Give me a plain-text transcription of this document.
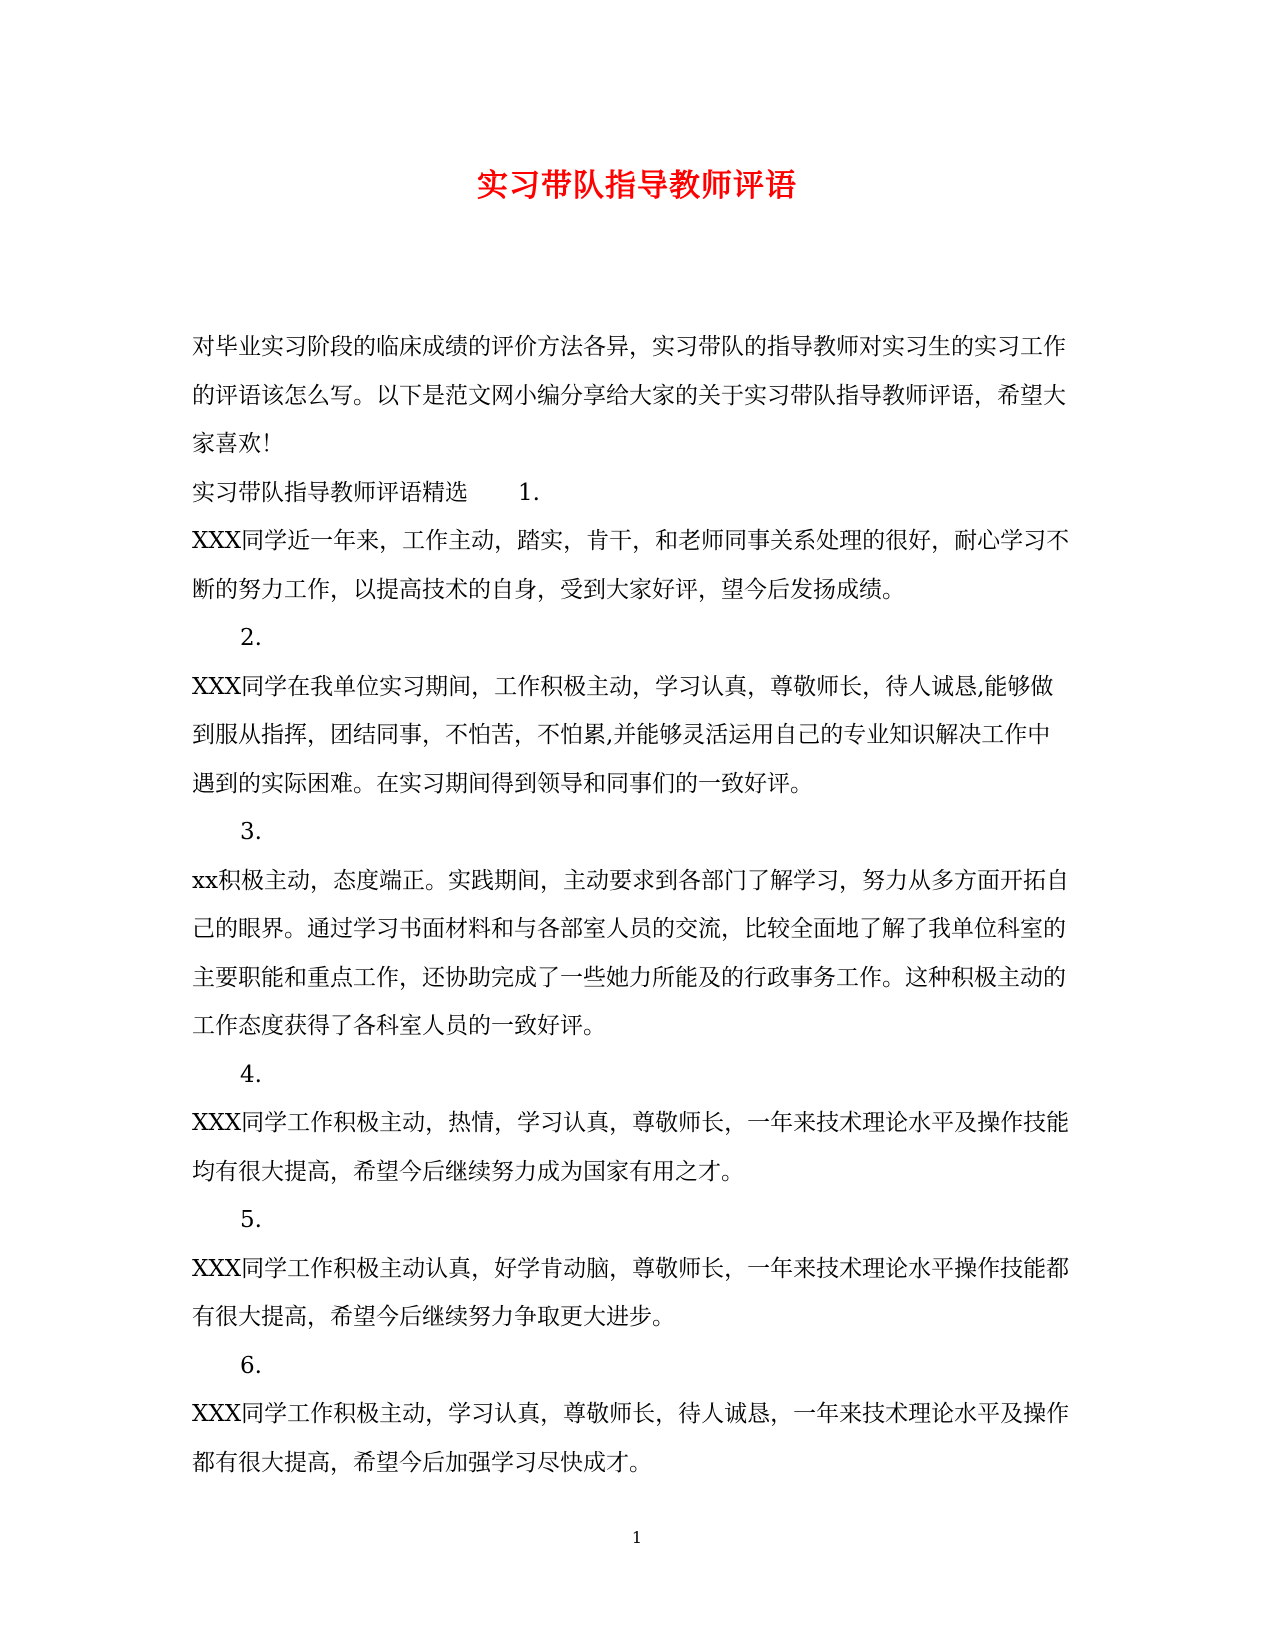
实习带队指导教师评语

对毕业实习阶段的临床成绩的评价方法各异，实习带队的指导教师对实习生的实习工作的评语该怎么写。以下是范文网小编分享给大家的关于实习带队指导教师评语，希望大家喜欢！

实习带队指导教师评语精选 1.

XXX同学近一年来，工作主动，踏实，肯干，和老师同事关系处理的很好，耐心学习不断的努力工作，以提高技术的自身，受到大家好评，望今后发扬成绩。

2.

XXX同学在我单位实习期间，工作积极主动，学习认真，尊敬师长，待人诚恳,能够做到服从指挥，团结同事，不怕苦，不怕累,并能够灵活运用自己的专业知识解决工作中遇到的实际困难。在实习期间得到领导和同事们的一致好评。

3.

xx积极主动，态度端正。实践期间，主动要求到各部门了解学习，努力从多方面开拓自己的眼界。通过学习书面材料和与各部室人员的交流，比较全面地了解了我单位科室的主要职能和重点工作，还协助完成了一些她力所能及的行政事务工作。这种积极主动的工作态度获得了各科室人员的一致好评。

4.

XXX同学工作积极主动，热情，学习认真，尊敬师长，一年来技术理论水平及操作技能均有很大提高，希望今后继续努力成为国家有用之才。

5.

XXX同学工作积极主动认真，好学肯动脑，尊敬师长，一年来技术理论水平操作技能都有很大提高，希望今后继续努力争取更大进步。

6.

XXX同学工作积极主动，学习认真，尊敬师长，待人诚恳，一年来技术理论水平及操作都有很大提高，希望今后加强学习尽快成才。

1
